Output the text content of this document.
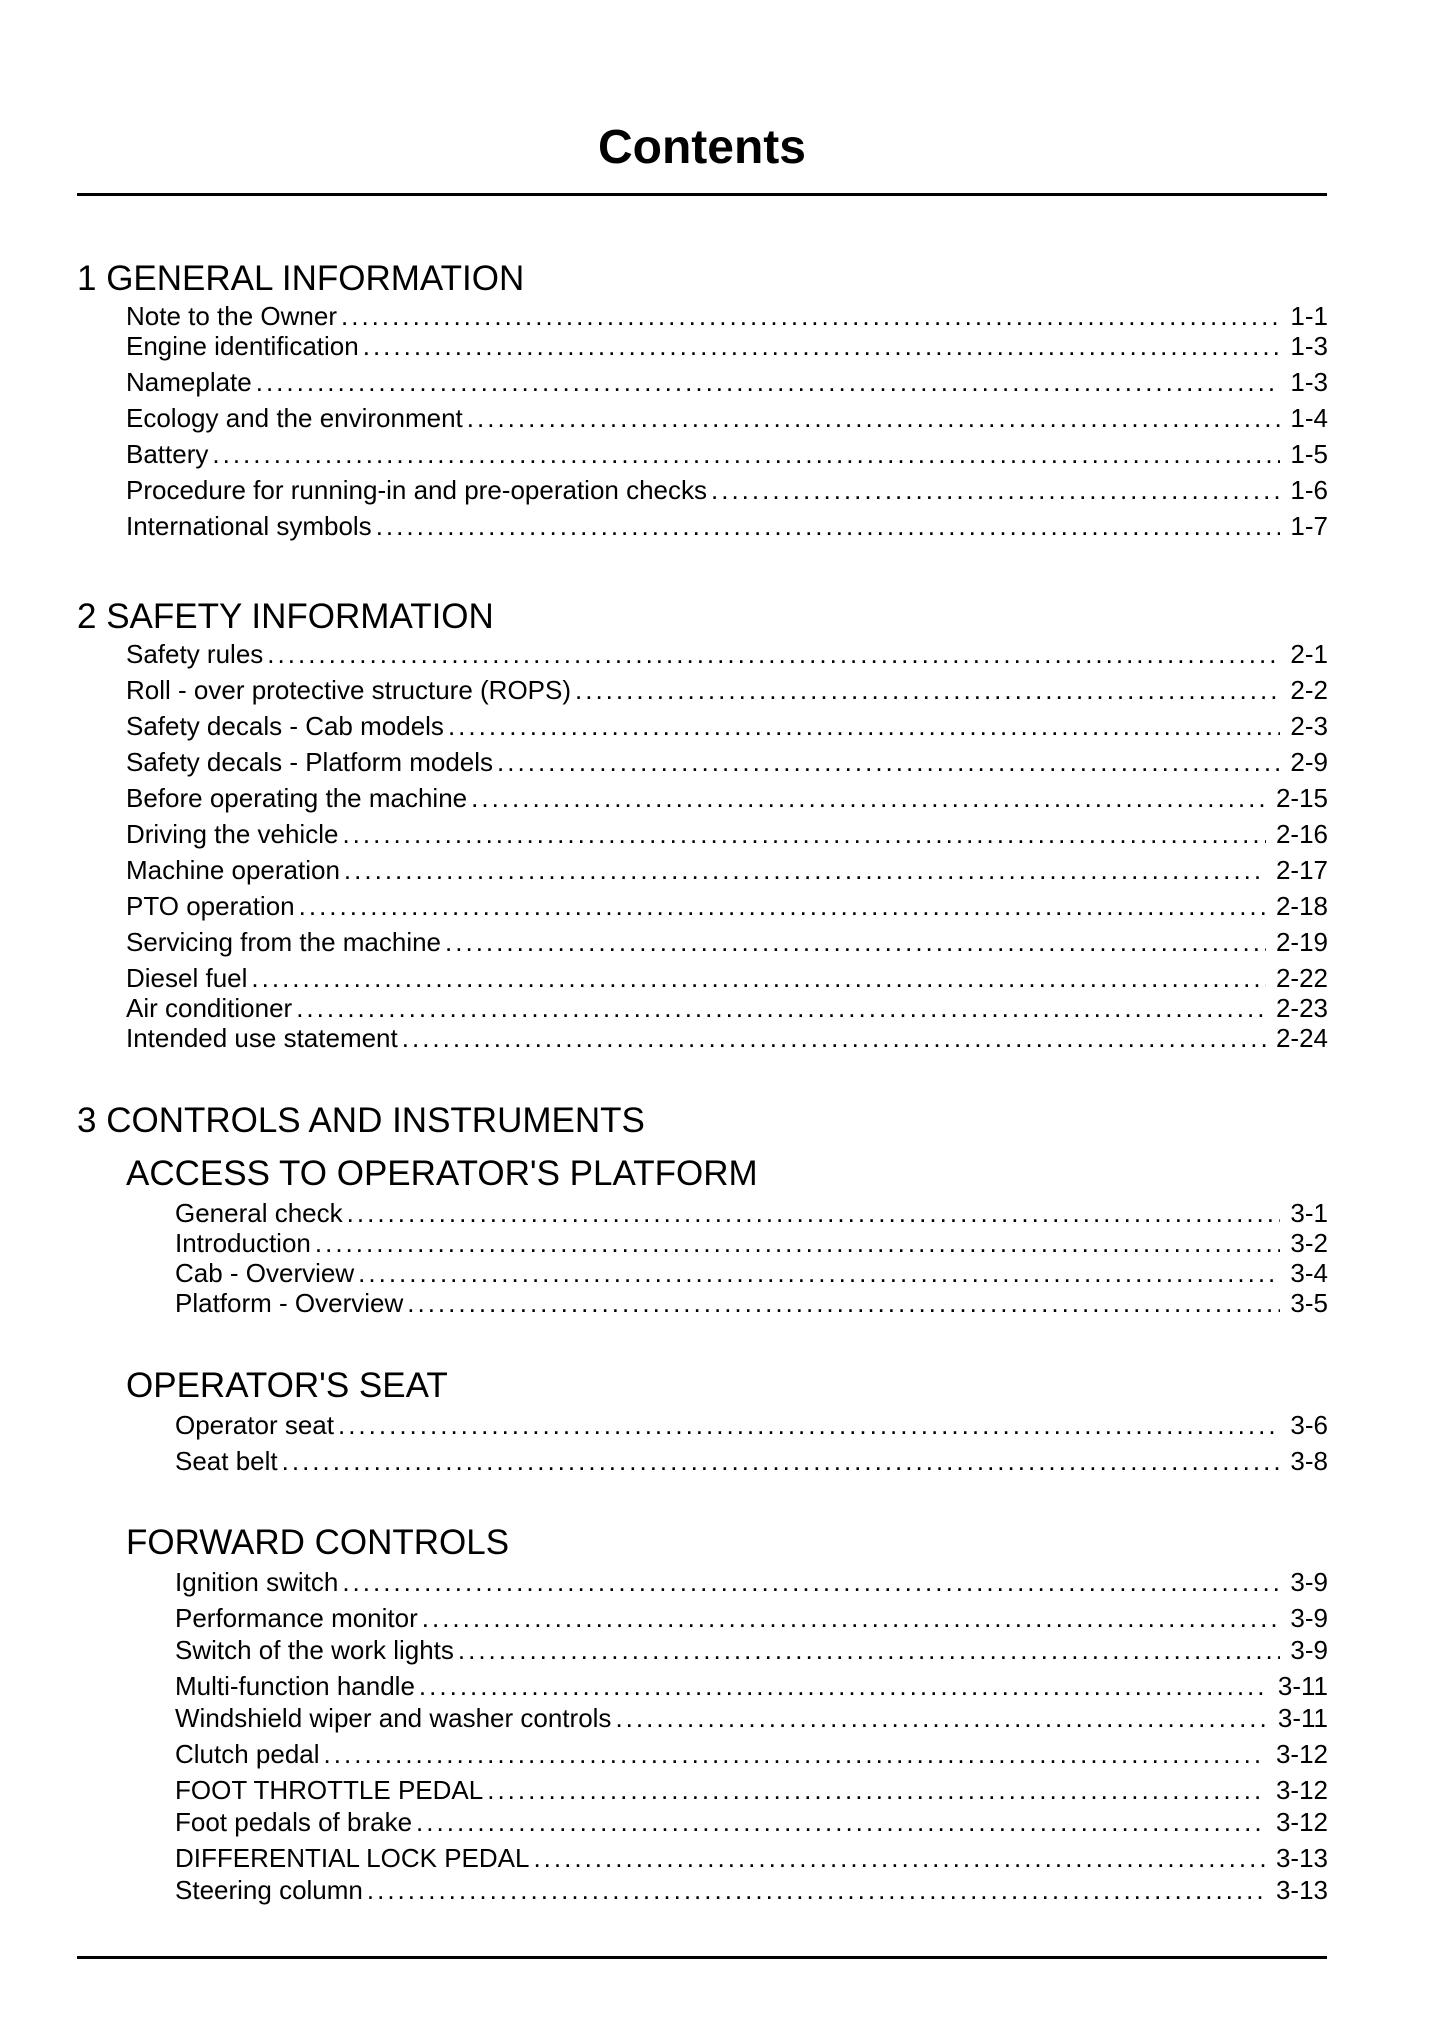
Contents
1 GENERAL INFORMATION
Note to the Owner .....	1-1
Engine identification .....	1-3
Nameplate .....	1-3
Ecology and the environment .....	1-4
Battery .....	1-5
Procedure for running-in and pre-operation checks .....	1-6
International symbols .....	1-7
2 SAFETY INFORMATION
Safety rules .....	2-1
Roll - over protective structure (ROPS) .....	2-2
Safety decals - Cab models .....	2-3
Safety decals - Platform models .....	2-9
Before operating the machine .....	2-15
Driving the vehicle .....	2-16
Machine operation .....	2-17
PTO operation .....	2-18
Servicing from the machine .....	2-19
Diesel fuel .....	2-22
Air conditioner .....	2-23
Intended use statement .....	2-24
3 CONTROLS AND INSTRUMENTS
ACCESS TO OPERATOR'S PLATFORM
General check .....	3-1
Introduction .....	3-2
Cab - Overview .....	3-4
Platform - Overview .....	3-5
OPERATOR'S SEAT
Operator seat .....	3-6
Seat belt .....	3-8
FORWARD CONTROLS
Ignition switch .....	3-9
Performance monitor .....	3-9
Switch of the work lights .....	3-9
Multi-function handle .....	3-11
Windshield wiper and washer controls .....	3-11
Clutch pedal .....	3-12
FOOT THROTTLE PEDAL .....	3-12
Foot pedals of brake .....	3-12
DIFFERENTIAL LOCK PEDAL .....	3-13
Steering column .....	3-13
